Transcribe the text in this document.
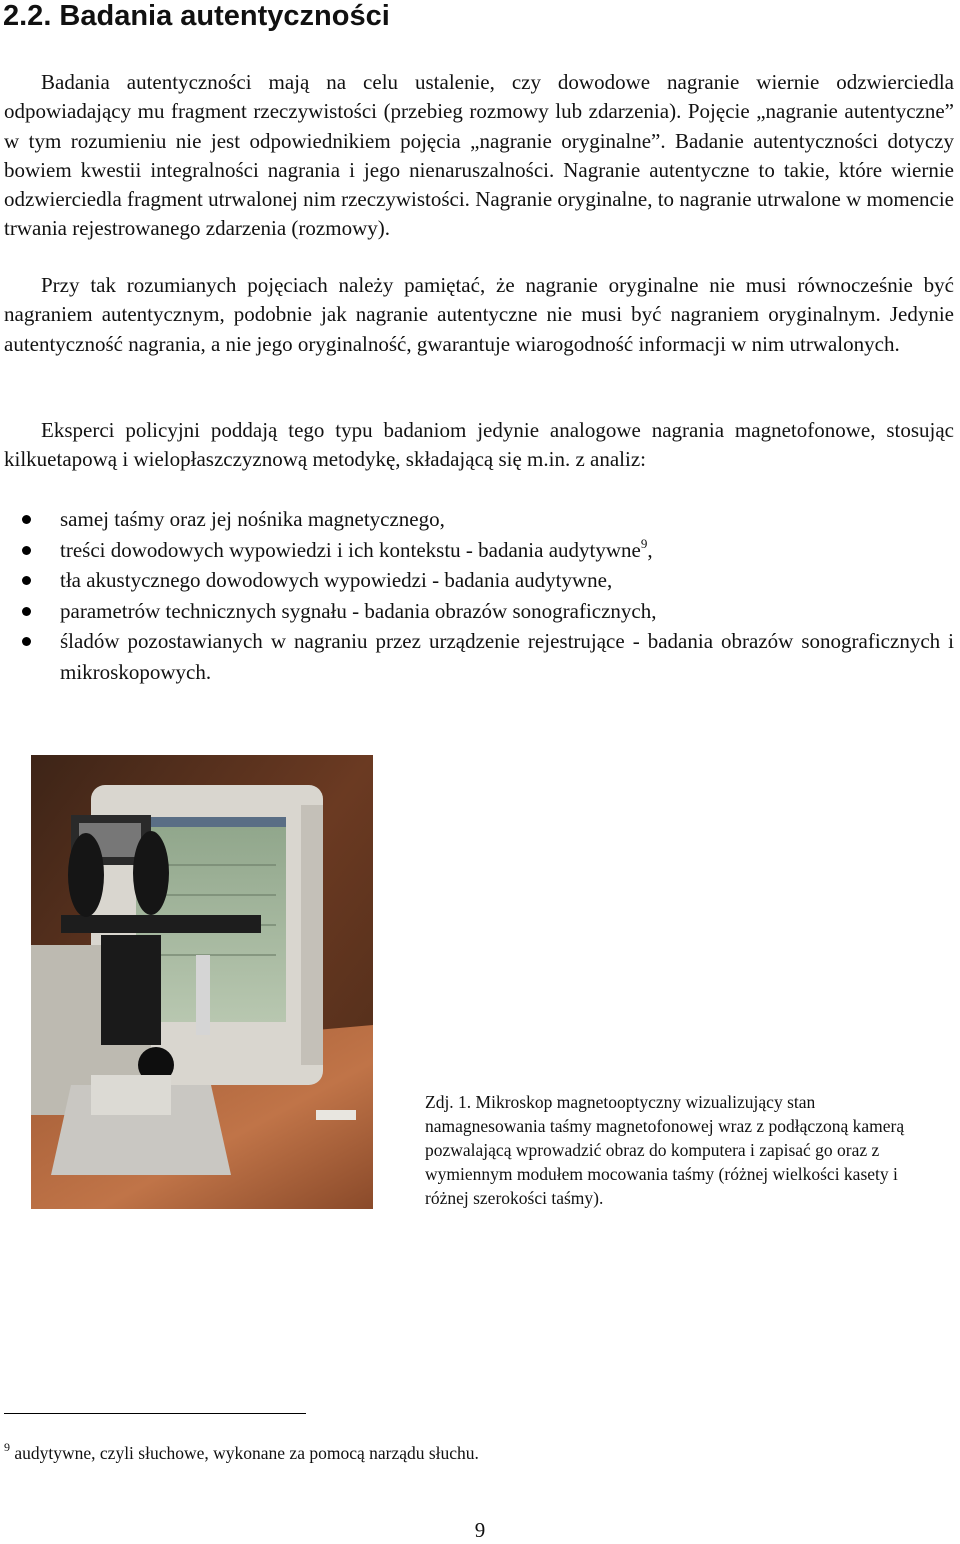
2.2. Badania autentyczności

Badania autentyczności mają na celu ustalenie, czy dowodowe nagranie wiernie odzwierciedla odpowiadający mu fragment rzeczywistości (przebieg rozmowy lub zdarzenia). Pojęcie „nagranie autentyczne” w tym rozumieniu nie jest odpowiednikiem pojęcia „nagranie oryginalne”. Badanie autentyczności dotyczy bowiem kwestii integralności nagrania i jego nienaruszalności. Nagranie autentyczne to takie, które wiernie odzwierciedla fragment utrwalonej nim rzeczywistości. Nagranie oryginalne, to nagranie utrwalone w momencie trwania rejestrowanego zdarzenia (rozmowy).

Przy tak rozumianych pojęciach należy pamiętać, że nagranie oryginalne nie musi równocześnie być nagraniem autentycznym, podobnie jak nagranie autentyczne nie musi być nagraniem oryginalnym. Jedynie autentyczność nagrania, a nie jego oryginalność, gwarantuje wiarogodność informacji w nim utrwalonych.

Eksperci policyjni poddają tego typu badaniom jedynie analogowe nagrania magnetofonowe, stosując kilkuetapową i wielopłaszczyznową metodykę, składającą się m.in. z analiz:

samej taśmy oraz jej nośnika magnetycznego,
treści dowodowych wypowiedzi i ich kontekstu - badania audytywne$^9$,
tła akustycznego dowodowych wypowiedzi - badania audytywne,
parametrów technicznych sygnału - badania obrazów sonograficznych,
śladów pozostawianych w nagraniu przez urządzenie rejestrujące - badania obrazów sonograficznych i mikroskopowych.

Zdj. 1. Mikroskop magnetooptyczny wizualizujący stan namagnesowania taśmy magnetofonowej wraz z podłączoną kamerą pozwalającą wprowadzić obraz do komputera i zapisać go oraz z wymiennym modułem mocowania taśmy (różnej wielkości kasety i różnej szerokości taśmy).

$^9$ audytywne, czyli słuchowe, wykonane za pomocą narządu słuchu.

9
